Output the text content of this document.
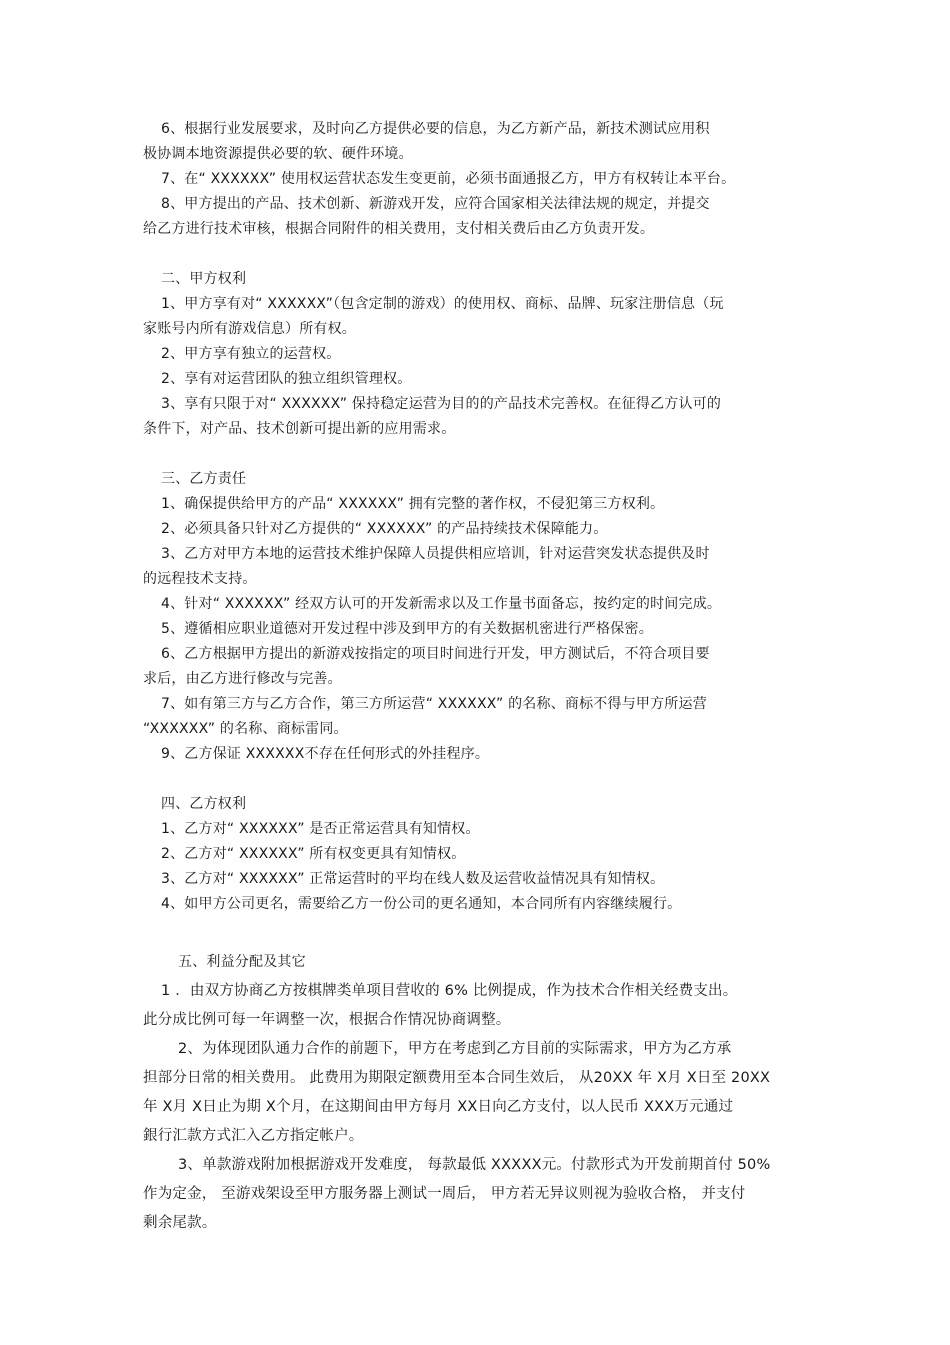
6、根据行业发展要求，及时向乙方提供必要的信息，为乙方新产品，新技术测试应用积
极协调本地资源提供必要的软、硬件环境。
7、在“ XXXXXX” 使用权运营状态发生变更前，必须书面通报乙方，甲方有权转让本平台。
8、甲方提出的产品、技术创新、新游戏开发，应符合国家相关法律法规的规定，并提交
给乙方进行技术审核，根据合同附件的相关费用，支付相关费后由乙方负责开发。
二、甲方权利
1、甲方享有对“ XXXXXX”（包含定制的游戏）的使用权、商标、品牌、玩家注册信息（玩
家账号内所有游戏信息）所有权。
2、甲方享有独立的运营权。
2、享有对运营团队的独立组织管理权。
3、享有只限于对“ XXXXXX” 保持稳定运营为目的的产品技术完善权。在征得乙方认可的
条件下，对产品、技术创新可提出新的应用需求。
三、乙方责任
1、确保提供给甲方的产品“ XXXXXX” 拥有完整的著作权，不侵犯第三方权利。
2、必须具备只针对乙方提供的“ XXXXXX” 的产品持续技术保障能力。
3、乙方对甲方本地的运营技术维护保障人员提供相应培训，针对运营突发状态提供及时
的远程技术支持。
4、针对“ XXXXXX” 经双方认可的开发新需求以及工作量书面备忘，按约定的时间完成。
5、遵循相应职业道德对开发过程中涉及到甲方的有关数据机密进行严格保密。
6、乙方根据甲方提出的新游戏按指定的项目时间进行开发，甲方测试后，不符合项目要
求后，由乙方进行修改与完善。
7、如有第三方与乙方合作，第三方所运营“ XXXXXX” 的名称、商标不得与甲方所运营
“XXXXXX” 的名称、商标雷同。
9、乙方保证 XXXXXX不存在任何形式的外挂程序。
四、乙方权利
1、乙方对“ XXXXXX” 是否正常运营具有知情权。
2、乙方对“ XXXXXX” 所有权变更具有知情权。
3、乙方对“ XXXXXX” 正常运营时的平均在线人数及运营收益情况具有知情权。
4、如甲方公司更名，需要给乙方一份公司的更名通知，本合同所有内容继续履行。
五、利益分配及其它
1 ．由双方协商乙方按棋牌类单项目营收的 6% 比例提成，作为技术合作相关经费支出。
此分成比例可每一年调整一次，根据合作情况协商调整。
2、为体现团队通力合作的前题下，甲方在考虑到乙方目前的实际需求，甲方为乙方承
担部分日常的相关费用。 此费用为期限定额费用至本合同生效后， 从20XX 年 X月 X日至 20XX
年 X月 X日止为期 X个月，在这期间由甲方每月 XX日向乙方支付，以人民币 XXX万元通过
銀行汇款方式汇入乙方指定帐户。
3、单款游戏附加根据游戏开发难度， 每款最低 XXXXX元。付款形式为开发前期首付 50%
作为定金， 至游戏架设至甲方服务器上测试一周后， 甲方若无异议则视为验收合格， 并支付
剩余尾款。
